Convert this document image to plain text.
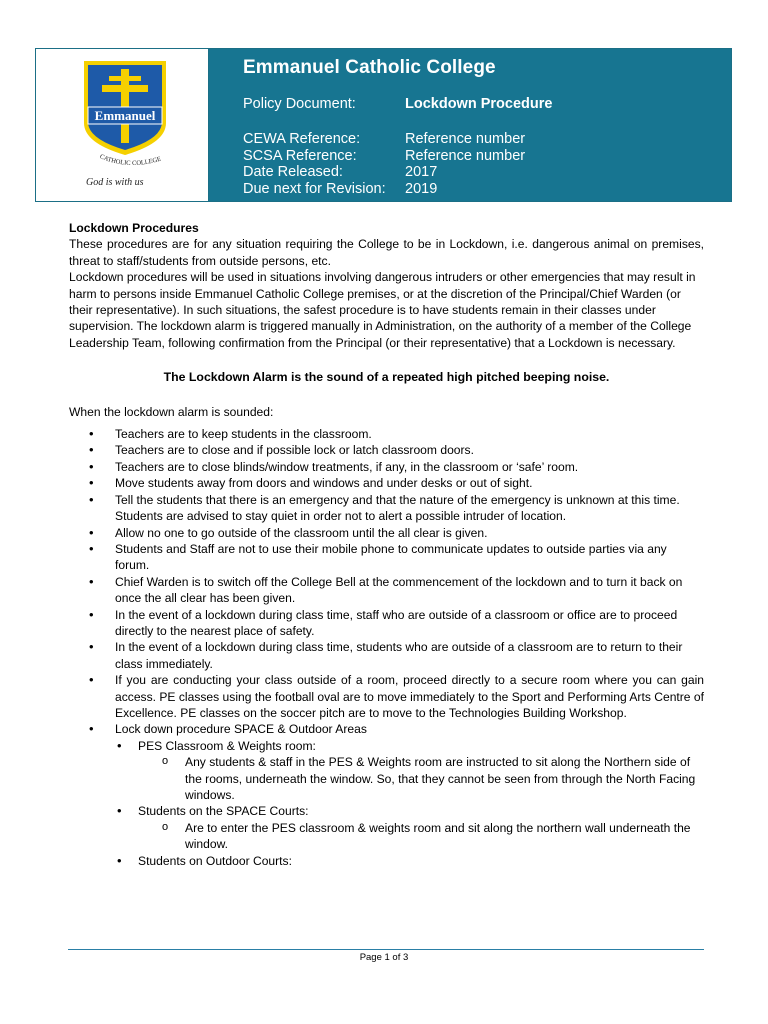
Emmanuel
CATHOLIC COLLEGE
God is with us
Emmanuel Catholic College
Policy Document:	Lockdown Procedure
CEWA Reference:	Reference number
SCSA Reference:	Reference number
Date Released:	2017
Due next for Revision: 2019

Lockdown Procedures

These procedures are for any situation requiring the College to be in Lockdown, i.e. dangerous animal on premises, threat to staff/students from outside persons, etc.

Lockdown procedures will be used in situations involving dangerous intruders or other emergencies that may result in harm to persons inside Emmanuel Catholic College premises, or at the discretion of the Principal/Chief Warden (or their representative). In such situations, the safest procedure is to have students remain in their classes under supervision. The lockdown alarm is triggered manually in Administration, on the authority of a member of the College Leadership Team, following confirmation from the Principal (or their representative) that a Lockdown is necessary.

The Lockdown Alarm is the sound of a repeated high pitched beeping noise.

When the lockdown alarm is sounded:

• Teachers are to keep students in the classroom.
• Teachers are to close and if possible lock or latch classroom doors.
• Teachers are to close blinds/window treatments, if any, in the classroom or ‘safe’ room.
• Move students away from doors and windows and under desks or out of sight.
• Tell the students that there is an emergency and that the nature of the emergency is unknown at this time. Students are advised to stay quiet in order not to alert a possible intruder of location.
• Allow no one to go outside of the classroom until the all clear is given.
• Students and Staff are not to use their mobile phone to communicate updates to outside parties via any forum.
• Chief Warden is to switch off the College Bell at the commencement of the lockdown and to turn it back on once the all clear has been given.
• In the event of a lockdown during class time, staff who are outside of a classroom or office are to proceed directly to the nearest place of safety.
• In the event of a lockdown during class time, students who are outside of a classroom are to return to their class immediately.
• If you are conducting your class outside of a room, proceed directly to a secure room where you can gain access. PE classes using the football oval are to move immediately to the Sport and Performing Arts Centre of Excellence. PE classes on the soccer pitch are to move to the Technologies Building Workshop.
• Lock down procedure SPACE & Outdoor Areas
• PES Classroom & Weights room:
o Any students & staff in the PES & Weights room are instructed to sit along the Northern side of the rooms, underneath the window. So, that they cannot be seen from through the North Facing windows.
• Students on the SPACE Courts:
o Are to enter the PES classroom & weights room and sit along the northern wall underneath the window.
• Students on Outdoor Courts:
Page 1 of 3
